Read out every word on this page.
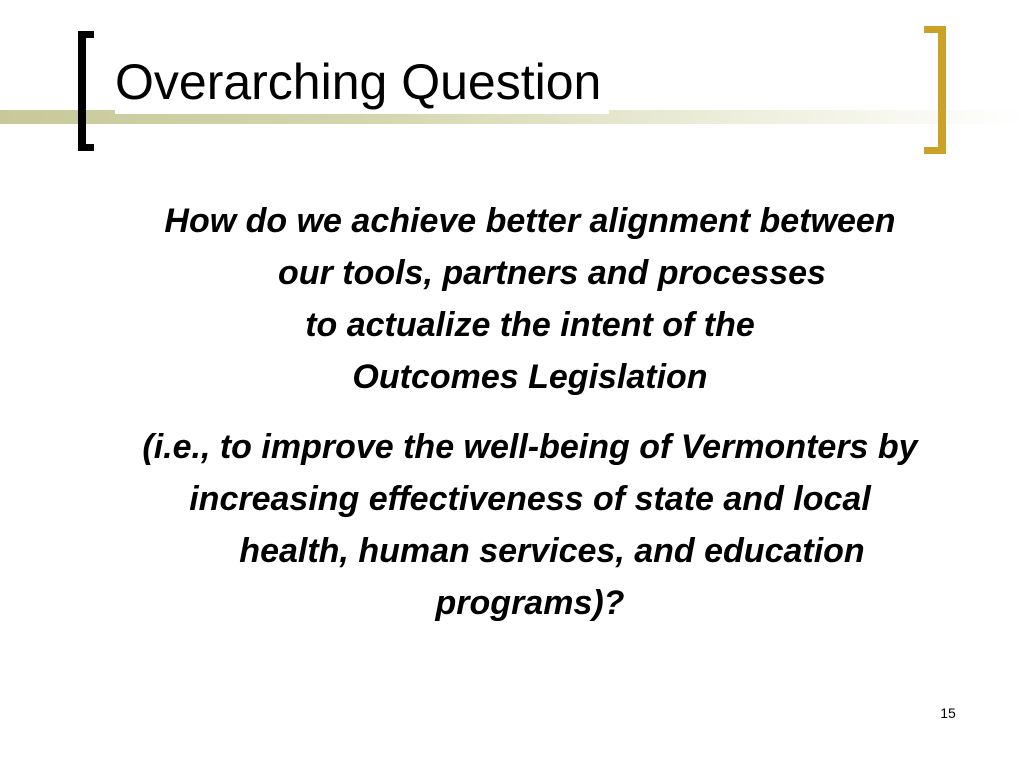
Overarching Question

How do we achieve better alignment between
our tools, partners and processes
to actualize the intent of the
Outcomes Legislation

(i.e., to improve the well-being of Vermonters by
increasing effectiveness of state and local
health, human services, and education
programs)?

15
